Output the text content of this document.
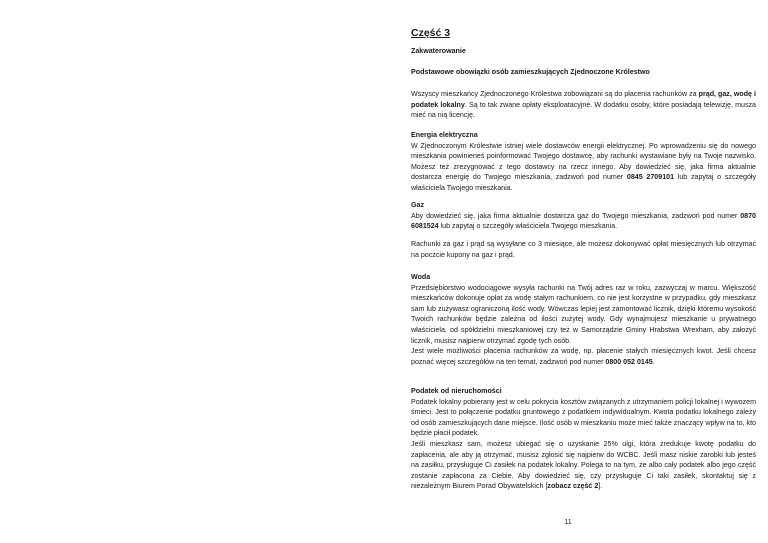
Część 3

Zakwaterowanie

Podstawowe obowiązki osób zamieszkujących Zjednoczone Królestwo

Wszyscy mieszkańcy Zjednoczonego Królestwa zobowiązani są do płacenia rachunków za prąd, gaz, wodę i podatek lokalny. Są to tak zwane opłaty eksploatacyjne. W dodatku osoby, które posiadają telewizję, musza mieć na nią licencję.

Energia elektryczna
W Zjednoczonym Królestwie istniej wiele dostawców energii elektrycznej. Po wprowadzeniu się do nowego mieszkania powinieneś poinformować Twojego dostawcę, aby rachunki wystawiane były na Twoje nazwisko. Możesz też zrezygnować z tego dostawcy na rzecz innego. Aby dowiedzieć się, jaka firma aktualnie dostarcza energię do Twojego mieszkania, zadzwoń pod numer 0845 2709101 lub zapytaj o szczegóły właściciela Twojego mieszkania.

Gaz
Aby dowiedzieć się, jaka firma aktualnie dostarcza gaz do Twojego mieszkania, zadzwoń pod numer 0870 6081524 lub zapytaj o szczegóły właściciela Twojego mieszkania.

Rachunki za gaz i prąd są wysyłane co 3 miesiące, ale możesz dokonywać opłat miesięcznych lub otrzymać na poczcie kupony na gaz i prąd.

Woda
Przedsiębiorstwo wodociągowe wysyła rachunki na Twój adres raz w roku, zazwyczaj w marcu. Większość mieszkańców dokonuje opłat za wodę stałym rachunkiem, co nie jest korzystne w przypadku, gdy mieszkasz sam lub zużywasz ograniczoną ilość wody. Wówczas lepiej jest zamontować licznik, dzięki któremu wysokość Twoich rachunków będzie zależna od ilości zużytej wody. Gdy wynajmujesz mieszkanie u prywatnego właściciela, od spółdzielni mieszkaniowej czy też w Samorządzie Gminy Hrabstwa Wrexham, aby założyć licznik, musisz najpierw otrzymać zgodę tych osób.
Jest wiele możliwości płacenia rachunków za wodę, np. płacenie stałych miesięcznych kwot. Jeśli chcesz poznać więcej szczegółów na ten temat, zadzwoń pod numer 0800 052 0145.

Podatek od nieruchomości
Podatek lokalny pobierany jest w celu pokrycia kosztów związanych z utrzymaniem policji lokalnej i wywozem śmieci. Jest to połączenie podatku gruntowego z podatkiem indywidualnym. Kwota podatku lokalnego zależy od osób zamieszkujących dane miejsce. Ilość osób w mieszkaniu może mieć także znaczący wpływ na to, kto będzie płacił podatek.
Jeśli mieszkasz sam, możesz ubiegać się o uzyskanie 25% ulgi, która zredukuje kwotę podatku do zapłacenia, ale aby ją otrzymać, musisz zgłosić się najpierw do WCBC. Jeśli masz niskie zarobki lub jesteś na zasiłku, przysługuje Ci zasiłek na podatek lokalny. Polega to na tym, że albo cały podatek albo jego część zostanie zapłacona za Ciebie. Aby dowiedzieć się, czy przysługuje Ci taki zasiłek, skontaktuj się z niezależnym Biurem Porad Obywatelskich [zobacz część 2].

11
